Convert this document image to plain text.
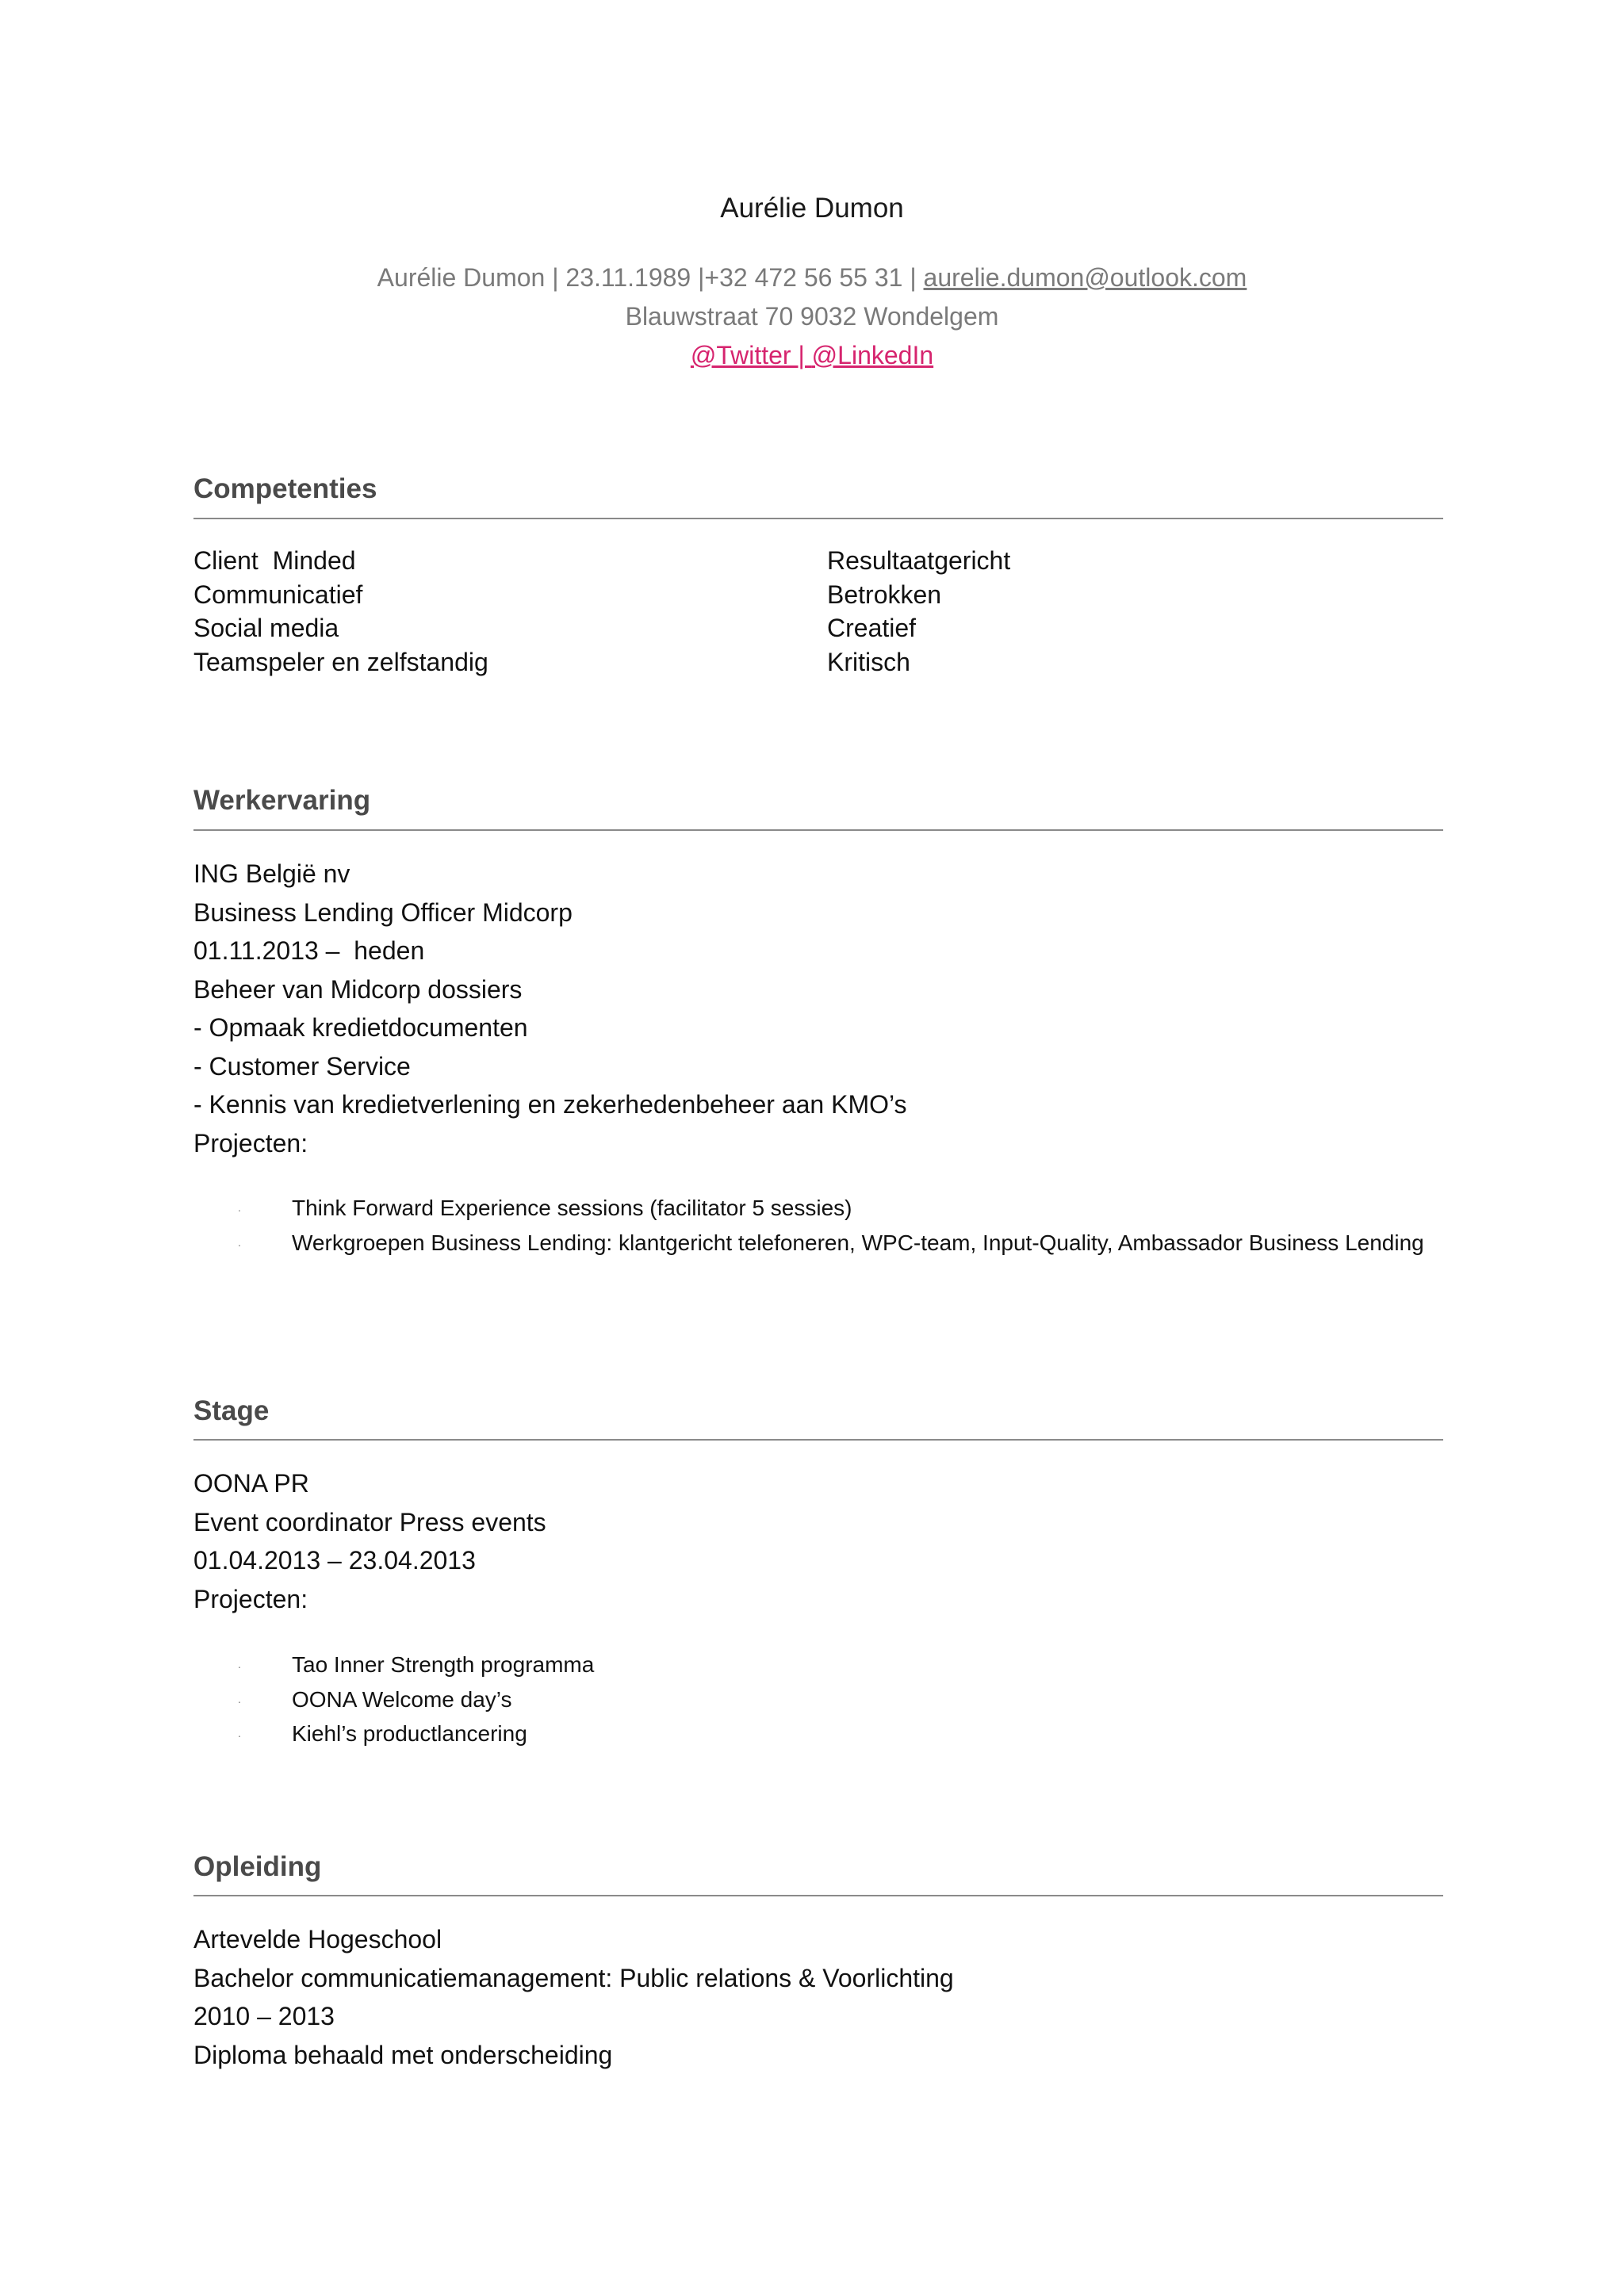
Aurélie Dumon
Aurélie Dumon | 23.11.1989 |+32 472 56 55 31 | aurelie.dumon@outlook.com
Blauwstraat 70 9032 Wondelgem
@Twitter | @LinkedIn
Competenties
Client  Minded
Communicatief
Social media
Teamspeler en zelfstandig
Resultaatgericht
Betrokken
Creatief
Kritisch
Werkervaring
ING België nv
Business Lending Officer Midcorp
01.11.2013 –  heden
Beheer van Midcorp dossiers
- Opmaak kredietdocumenten
- Customer Service
- Kennis van kredietverlening en zekerhedenbeheer aan KMO’s
Projecten:
. Think Forward Experience sessions (facilitator 5 sessies)
. Werkgroepen Business Lending: klantgericht telefoneren, WPC-team, Input-Quality, Ambassador Business Lending
Stage
OONA PR
Event coordinator Press events
01.04.2013 – 23.04.2013
Projecten:
. Tao Inner Strength programma
. OONA Welcome day’s
. Kiehl’s productlancering
Opleiding
Artevelde Hogeschool
Bachelor communicatiemanagement: Public relations & Voorlichting
2010 – 2013
Diploma behaald met onderscheiding
